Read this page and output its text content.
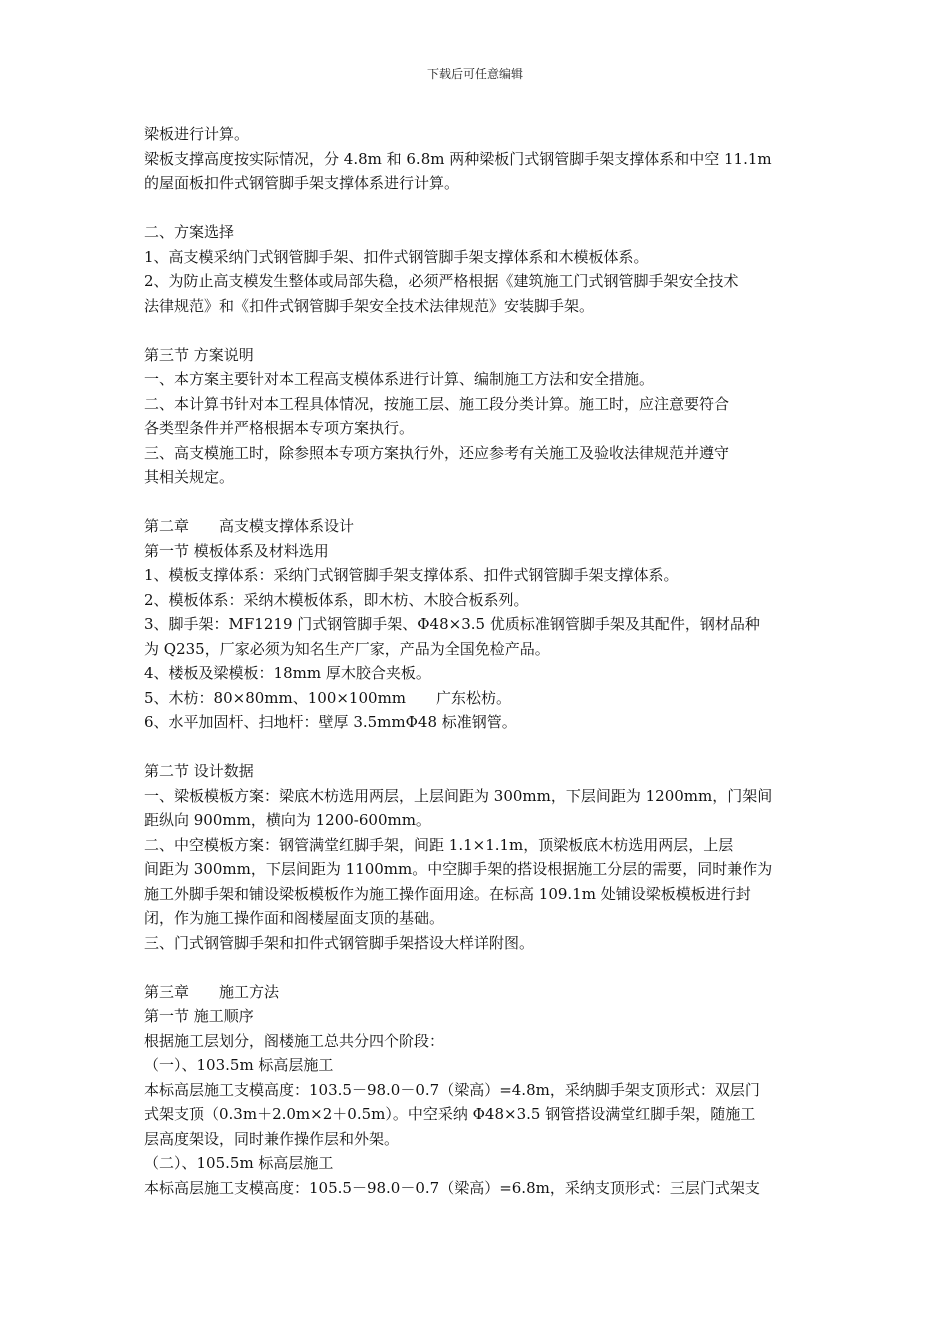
下载后可任意编辑
梁板进行计算。
梁板支撑高度按实际情况，分 4.8m 和 6.8m 两种梁板门式钢管脚手架支撑体系和中空 11.1m
的屋面板扣件式钢管脚手架支撑体系进行计算。
二、方案选择
1、高支模采纳门式钢管脚手架、扣件式钢管脚手架支撑体系和木模板体系。
2、为防止高支模发生整体或局部失稳，必须严格根据《建筑施工门式钢管脚手架安全技术
法律规范》和《扣件式钢管脚手架安全技术法律规范》安装脚手架。
第三节 方案说明
一、本方案主要针对本工程高支模体系进行计算、编制施工方法和安全措施。
二、本计算书针对本工程具体情况，按施工层、施工段分类计算。施工时，应注意要符合
各类型条件并严格根据本专项方案执行。
三、高支模施工时，除参照本专项方案执行外，还应参考有关施工及验收法律规范并遵守
其相关规定。
第二章　　高支模支撑体系设计
第一节 模板体系及材料选用
1、模板支撑体系：采纳门式钢管脚手架支撑体系、扣件式钢管脚手架支撑体系。
2、模板体系：采纳木模板体系，即木枋、木胶合板系列。
3、脚手架：MF1219 门式钢管脚手架、Φ48×3.5 优质标准钢管脚手架及其配件，钢材品种
为 Q235，厂家必须为知名生产厂家，产品为全国免检产品。
4、楼板及梁模板：18mm 厚木胶合夹板。
5、木枋：80×80mm、100×100mm　　广东松枋。
6、水平加固杆、扫地杆：壁厚 3.5mmΦ48 标准钢管。
第二节 设计数据
一、梁板模板方案：梁底木枋选用两层，上层间距为 300mm，下层间距为 1200mm，门架间
距纵向 900mm，横向为 1200-600mm。
二、中空模板方案：钢管满堂红脚手架，间距 1.1×1.1m，顶梁板底木枋选用两层，上层
间距为 300mm，下层间距为 1100mm。中空脚手架的搭设根据施工分层的需要，同时兼作为
施工外脚手架和铺设梁板模板作为施工操作面用途。在标高 109.1m 处铺设梁板模板进行封
闭，作为施工操作面和阁楼屋面支顶的基础。
三、门式钢管脚手架和扣件式钢管脚手架搭设大样详附图。
第三章　　施工方法
第一节 施工顺序
根据施工层划分，阁楼施工总共分四个阶段：
（一）、103.5m 标高层施工
本标高层施工支模高度：103.5－98.0－0.7（梁高）=4.8m，采纳脚手架支顶形式：双层门
式架支顶（0.3m＋2.0m×2＋0.5m）。中空采纳 Φ48×3.5 钢管搭设满堂红脚手架，随施工
层高度架设，同时兼作操作层和外架。
（二）、105.5m 标高层施工
本标高层施工支模高度：105.5－98.0－0.7（梁高）=6.8m，采纳支顶形式：三层门式架支
